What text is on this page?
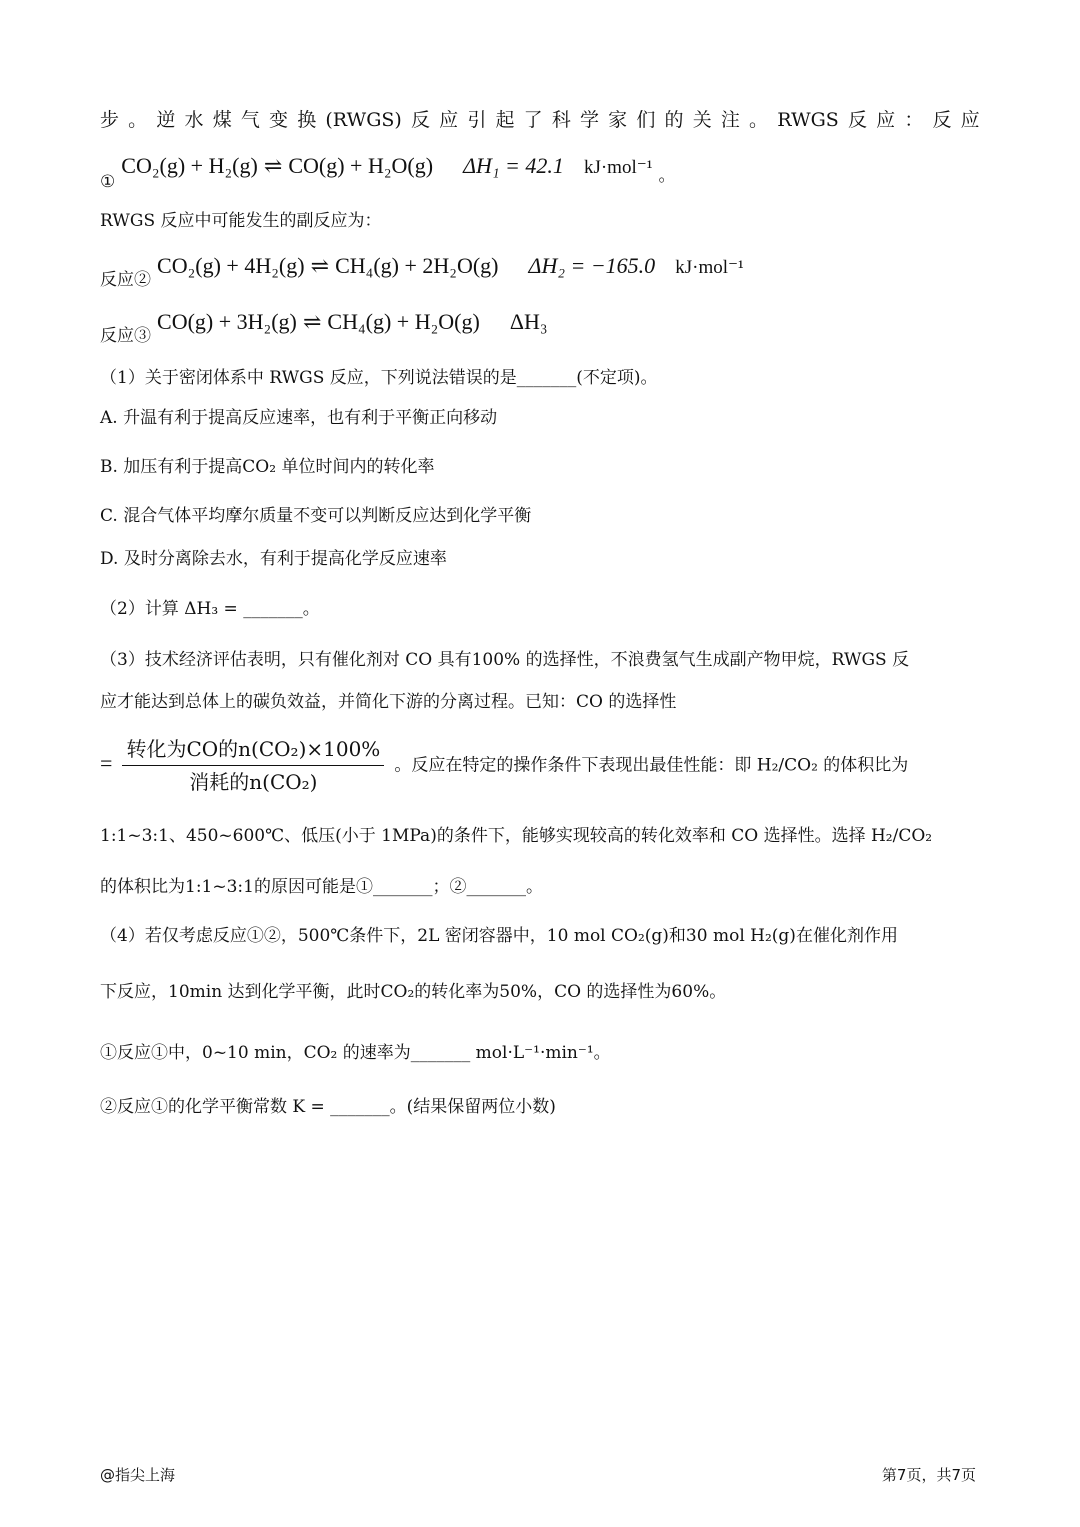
步 。 逆 水 煤 气 变 换 (RWGS) 反 应 引 起 了 科 学 家 们 的 关 注 。 RWGS 反 应 ： 反 应
① CO₂(g) + H₂(g) ⇌ CO(g) + H₂O(g) ΔH₁ = 42.1 kJ·mol⁻¹ 。
RWGS 反应中可能发生的副反应为：
反应② CO₂(g) + 4H₂(g) ⇌ CH₄(g) + 2H₂O(g) ΔH₂ = −165.0 kJ·mol⁻¹
反应③ CO(g) + 3H₂(g) ⇌ CH₄(g) + H₂O(g) ΔH₃
（1）关于密闭体系中 RWGS 反应，下列说法错误的是_______(不定项)。
A. 升温有利于提高反应速率，也有利于平衡正向移动
B. 加压有利于提高CO₂ 单位时间内的转化率
C. 混合气体平均摩尔质量不变可以判断反应达到化学平衡
D. 及时分离除去水，有利于提高化学反应速率
（2）计算 ΔH₃ = _______。
（3）技术经济评估表明，只有催化剂对 CO 具有100% 的选择性，不浪费氢气生成副产物甲烷，RWGS 反
应才能达到总体上的碳负效益，并简化下游的分离过程。已知：CO 的选择性
= $\frac{\text{转化为CO的n(CO₂)×100\%}}{\text{消耗的n(CO₂)}}$ 。反应在特定的操作条件下表现出最佳性能：即 H₂/CO₂ 的体积比为
1:1~3:1、450~600℃、低压(小于 1MPa)的条件下，能够实现较高的转化效率和 CO 选择性。选择 H₂/CO₂
的体积比为1:1~3:1的原因可能是①_______；②_______。
（4）若仅考虑反应①②，500℃条件下，2L 密闭容器中，10 mol CO₂(g)和30 mol H₂(g)在催化剂作用
下反应，10min 达到化学平衡，此时CO₂的转化率为50%，CO 的选择性为60%。
①反应①中，0~10 min，CO₂ 的速率为_______ mol·L⁻¹·min⁻¹。
②反应①的化学平衡常数 K = _______。(结果保留两位小数)
@指尖上海	第7页，共7页
